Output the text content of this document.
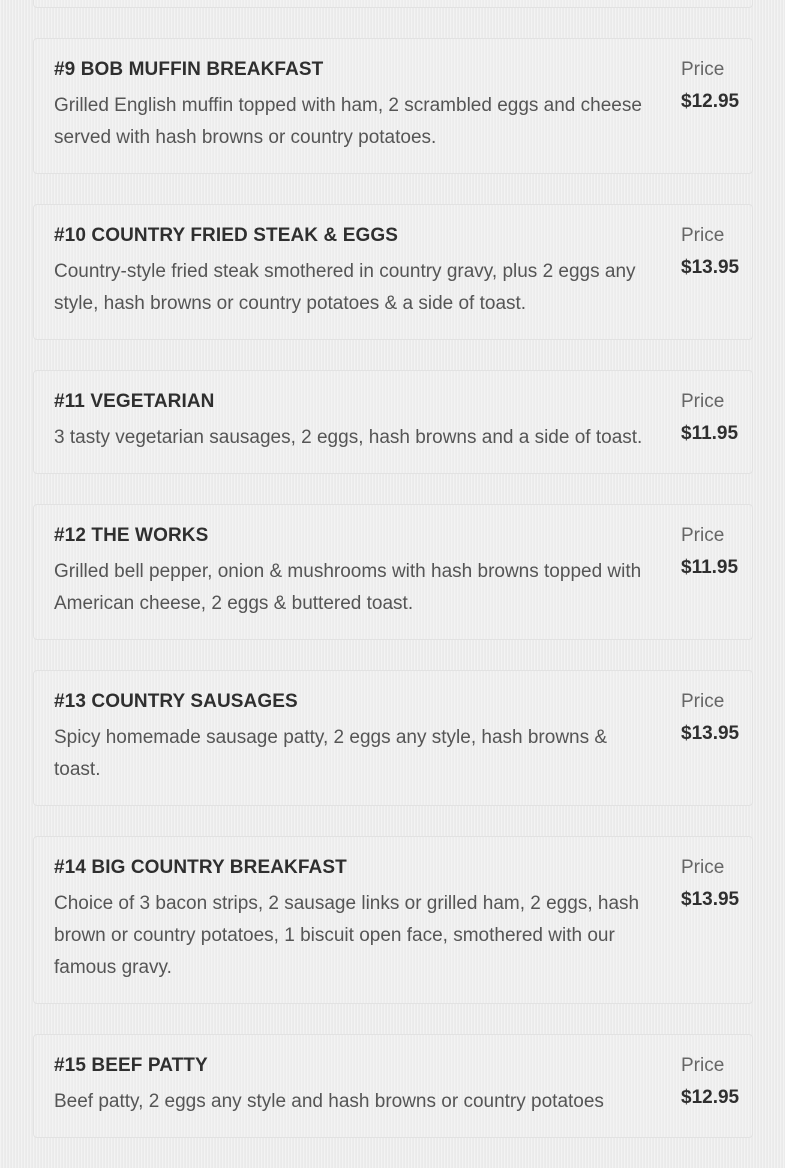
#9 BOB MUFFIN BREAKFAST

Grilled English muffin topped with ham, 2 scrambled eggs and cheese served with hash browns or country potatoes.

Price
$12.95
#10 COUNTRY FRIED STEAK & EGGS

Country-style fried steak smothered in country gravy, plus 2 eggs any style, hash browns or country potatoes & a side of toast.

Price
$13.95
#11 VEGETARIAN

3 tasty vegetarian sausages, 2 eggs, hash browns and a side of toast.

Price
$11.95
#12 THE WORKS

Grilled bell pepper, onion & mushrooms with hash browns topped with American cheese, 2 eggs & buttered toast.

Price
$11.95
#13 COUNTRY SAUSAGES

Spicy homemade sausage patty, 2 eggs any style, hash browns & toast.

Price
$13.95
#14 BIG COUNTRY BREAKFAST

Choice of 3 bacon strips, 2 sausage links or grilled ham, 2 eggs, hash brown or country potatoes, 1 biscuit open face, smothered with our famous gravy.

Price
$13.95
#15 BEEF PATTY

Beef patty, 2 eggs any style and hash browns or country potatoes

Price
$12.95
